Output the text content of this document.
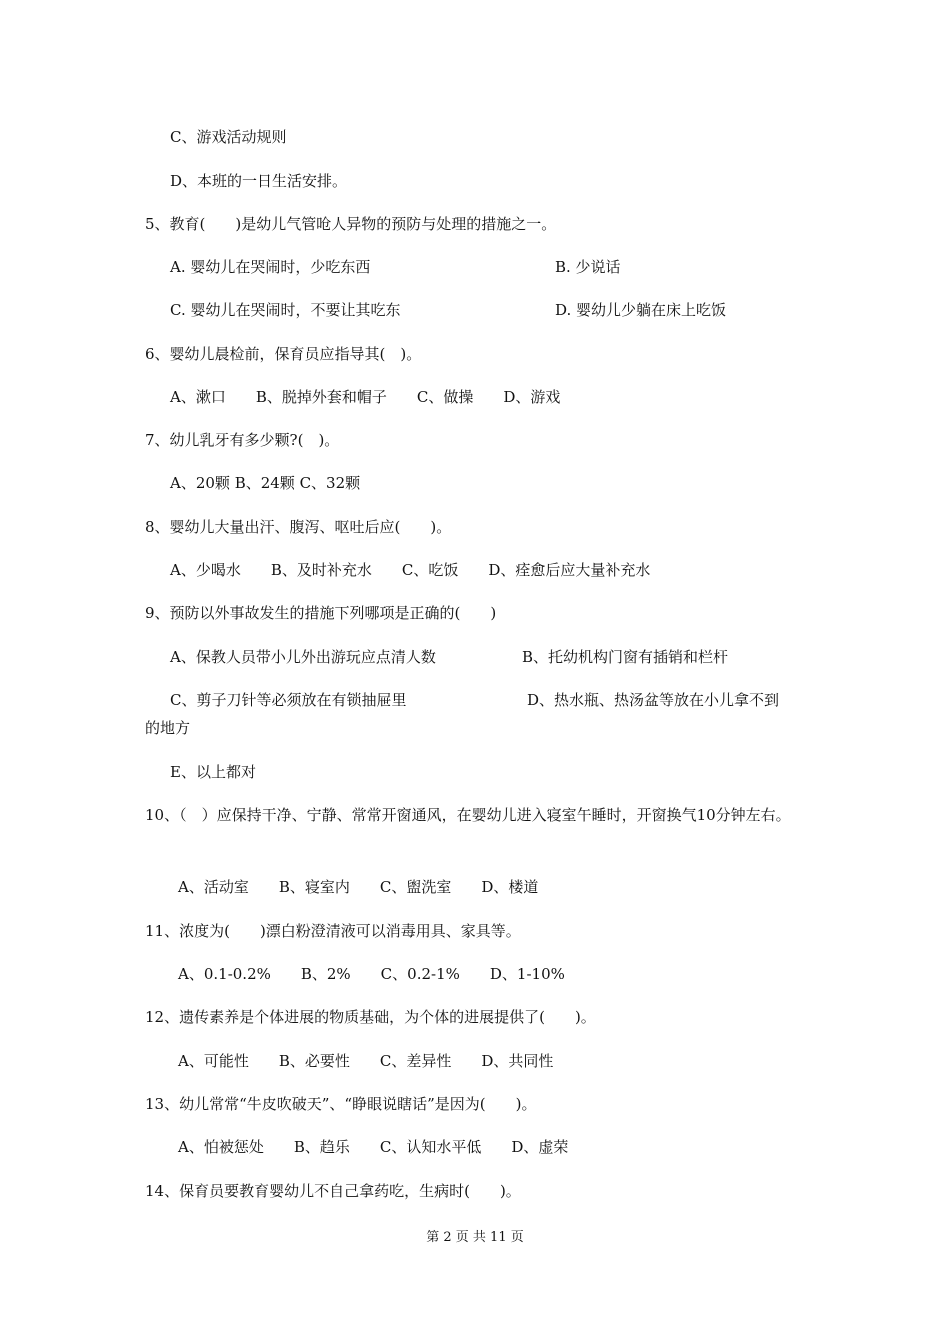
C、游戏活动规则
D、本班的一日生活安排。
5、教育(　　)是幼儿气管呛人异物的预防与处理的措施之一。
A. 婴幼儿在哭闹时，少吃东西	B. 少说话
C. 婴幼儿在哭闹时，不要让其吃东	D. 婴幼儿少躺在床上吃饭
6、婴幼儿晨检前，保育员应指导其(　)。
A、漱口　　B、脱掉外套和帽子　　C、做操　　D、游戏
7、幼儿乳牙有多少颗?(　)。
A、20颗 B、24颗 C、32颗
8、婴幼儿大量出汗、腹泻、呕吐后应(　　)。
A、少喝水　　B、及时补充水　　C、吃饭　　D、痊愈后应大量补充水
9、预防以外事故发生的措施下列哪项是正确的(　　)
A、保教人员带小儿外出游玩应点清人数	B、托幼机构门窗有插销和栏杆
C、剪子刀针等必须放在有锁抽屉里	D、热水瓶、热汤盆等放在小儿拿不到
的地方
E、以上都对
10、（　）应保持干净、宁静、常常开窗通风，在婴幼儿进入寝室午睡时，开窗换气10分钟左右。
A、活动室　　B、寝室内　　C、盥洗室　　D、楼道
11、浓度为(　　)漂白粉澄清液可以消毒用具、家具等。
A、0.1-0.2%　　B、2%　　C、0.2-1%　　D、1-10%
12、遗传素养是个体进展的物质基础，为个体的进展提供了(　　)。
A、可能性　　B、必要性　　C、差异性　　D、共同性
13、幼儿常常“牛皮吹破天”、“睁眼说瞎话”是因为(　　)。
A、怕被惩处　　B、趋乐　　C、认知水平低　　D、虚荣
14、保育员要教育婴幼儿不自己拿药吃，生病时(　　)。
第 2 页 共 11 页
